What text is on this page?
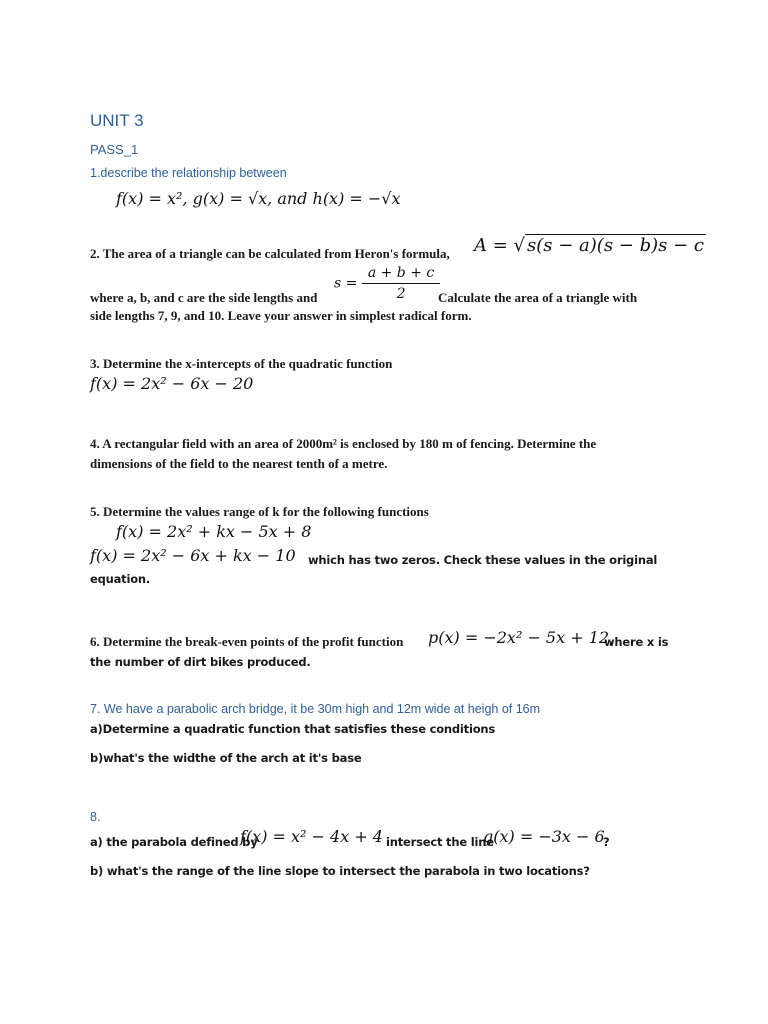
UNIT 3
PASS_1
1.describe the relationship between
f(x) = x², g(x) = √x, and h(x) = −√x
2. The area of a triangle can be calculated from Heron's formula, A = √ s(s − a)(s − b)s − c
$s = \frac{a + b + c}{2}$
where a, b, and c are the side lengths and	Calculate the area of a triangle with
side lengths 7, 9, and 10. Leave your answer in simplest radical form.
3. Determine the x-intercepts of the quadratic function
f(x) = 2x² − 6x − 20
4. A rectangular field with an area of 2000m² is enclosed by 180 m of fencing. Determine the
dimensions of the field to the nearest tenth of a metre.
5. Determine the values range of k for the following functions
f(x) = 2x² + kx − 5x + 8
f(x) = 2x² − 6x + kx − 10 which has two zeros. Check these values in the original
equation.
6. Determine the break-even points of the profit function p(x) = −2x² − 5x + 12,
where x is
the number of dirt bikes produced.
7. We have a parabolic arch bridge, it be 30m high and 12m wide at heigh of 16m
a)Determine a quadratic function that satisfies these conditions
b)what's the widthe of the arch at it's base
8.
a) the parabola defined by
f(x) = x² − 4x + 4 intersect the line
g(x) = −3x − 6
?
b) what's the range of the line slope to intersect the parabola in two locations?
